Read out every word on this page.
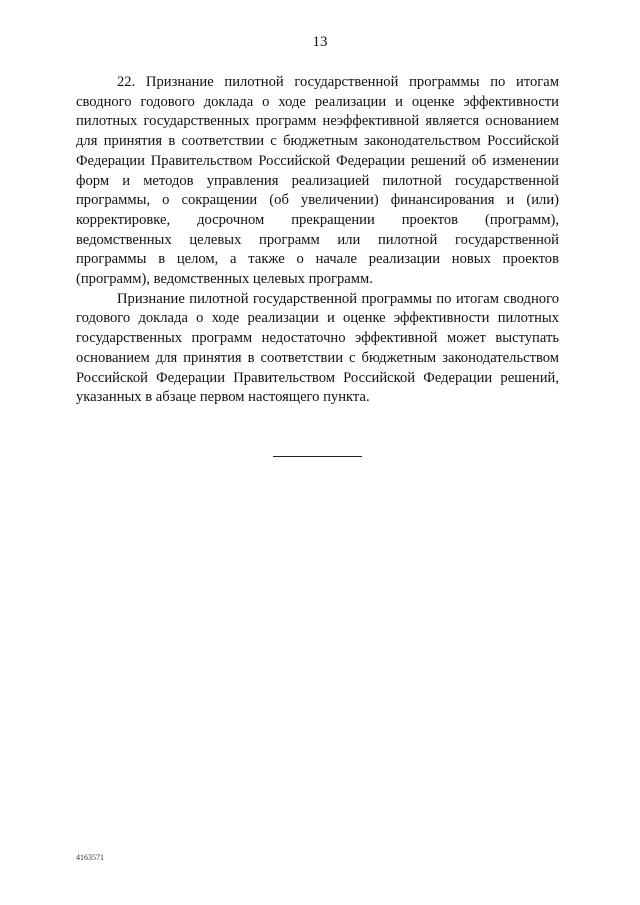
13

22. Признание пилотной государственной программы по итогам сводного годового доклада о ходе реализации и оценке эффективности пилотных государственных программ неэффективной является основанием для принятия в соответствии с бюджетным законодательством Российской Федерации Правительством Российской Федерации решений об изменении форм и методов управления реализацией пилотной государственной программы, о сокращении (об увеличении) финансирования и (или) корректировке, досрочном прекращении проектов (программ), ведомственных целевых программ или пилотной государственной программы в целом, а также о начале реализации новых проектов (программ), ведомственных целевых программ.

Признание пилотной государственной программы по итогам сводного годового доклада о ходе реализации и оценке эффективности пилотных государственных программ недостаточно эффективной может выступать основанием для принятия в соответствии с бюджетным законодательством Российской Федерации Правительством Российской Федерации решений, указанных в абзаце первом настоящего пункта.

4163571
